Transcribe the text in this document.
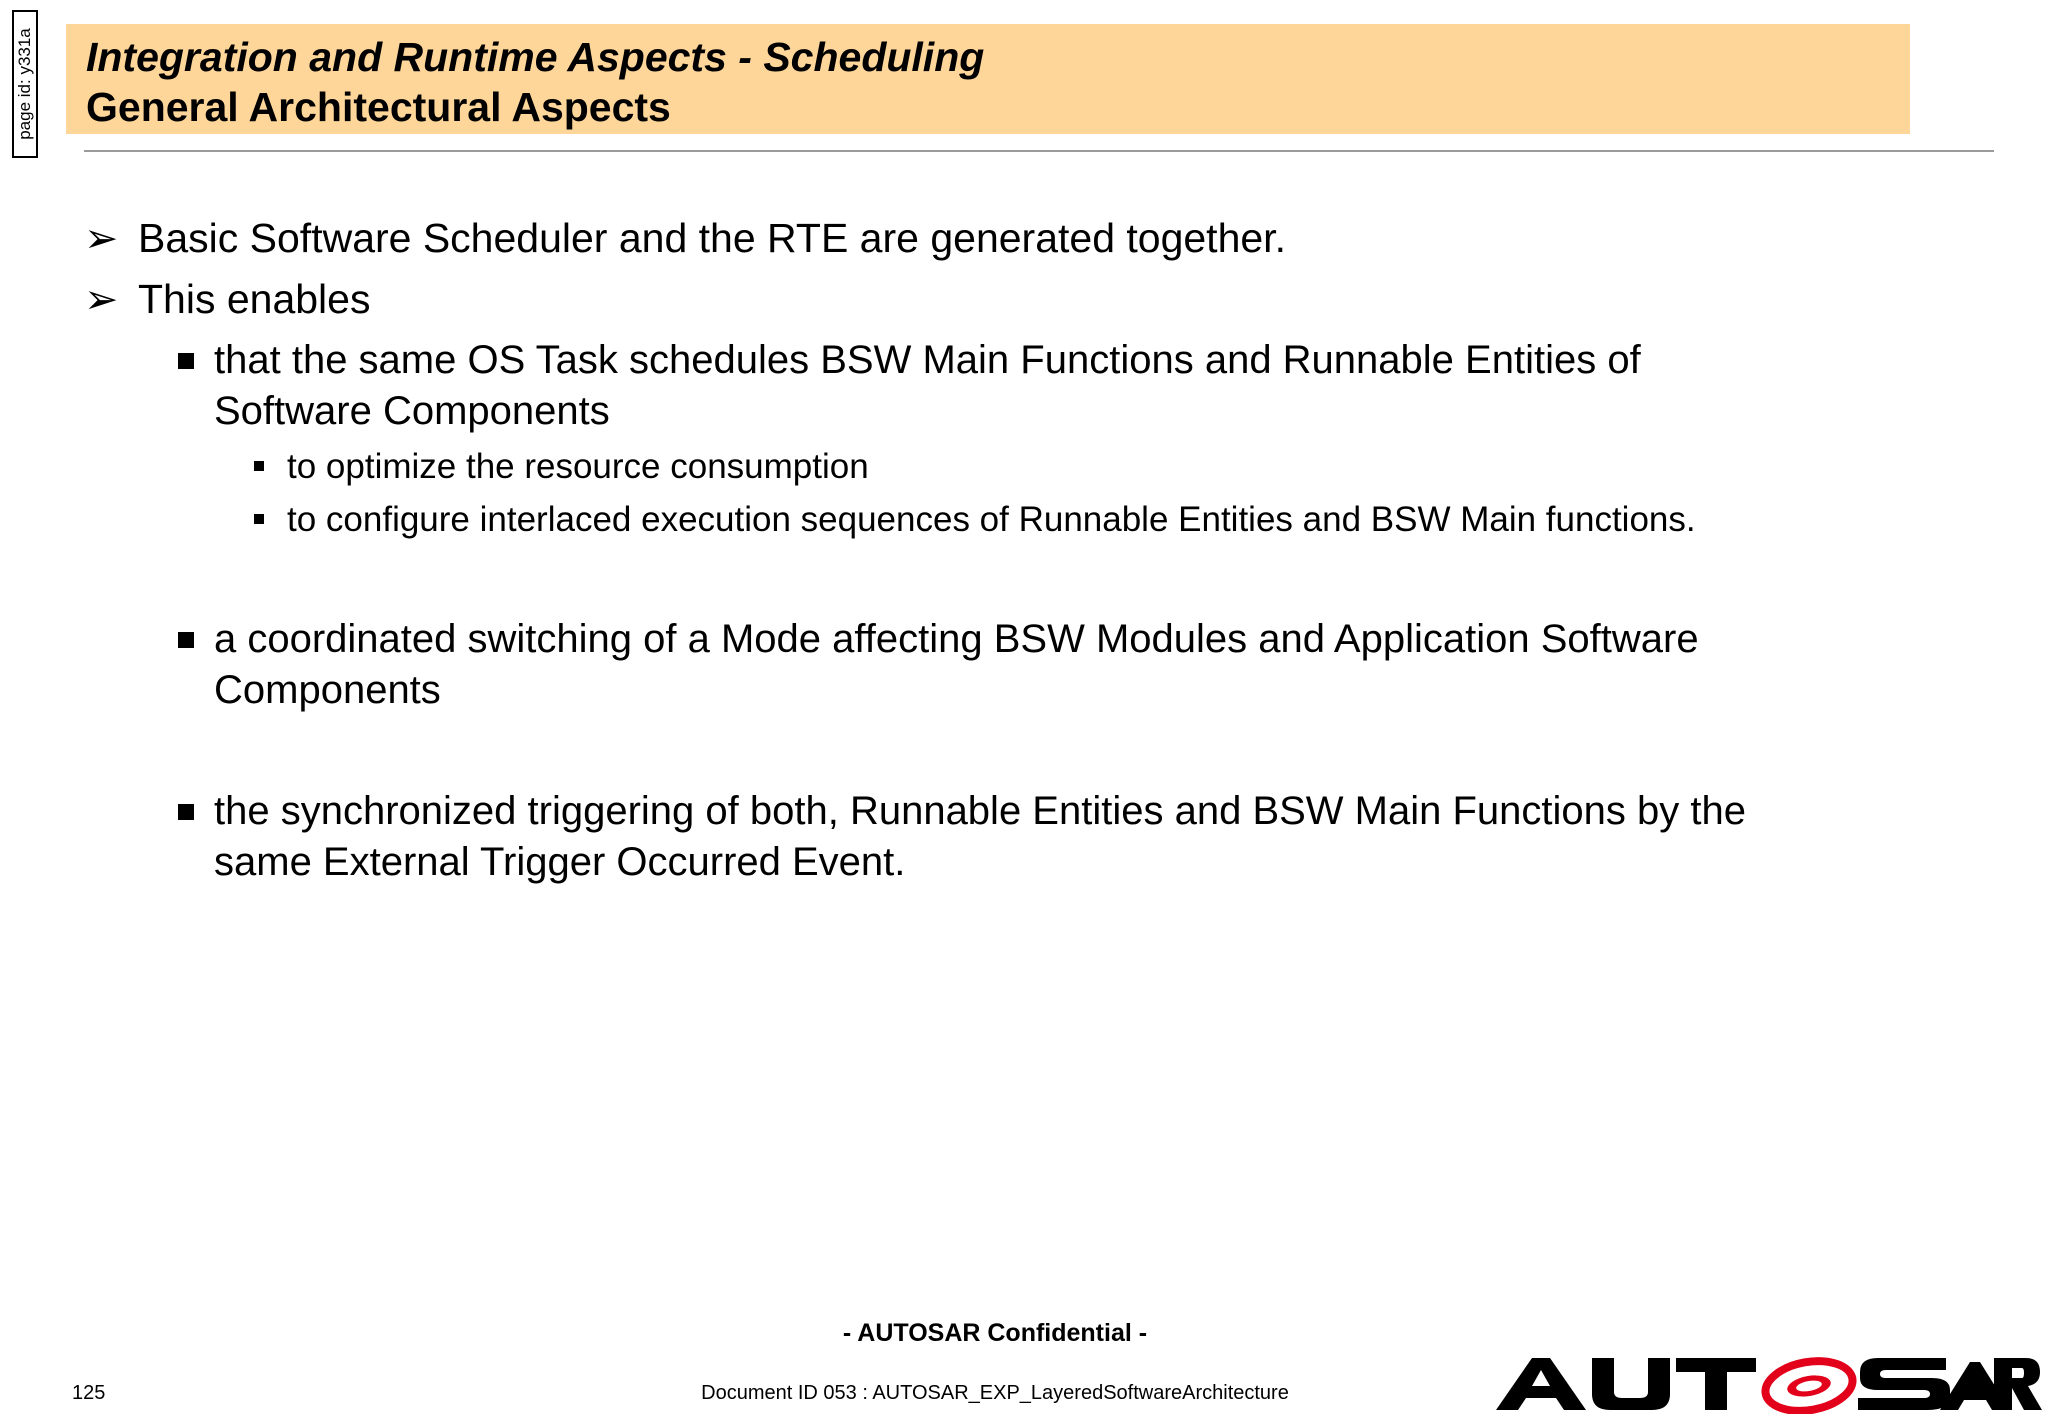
page id: y331a Integration and Runtime Aspects - Scheduling
General Architectural Aspects
➢ Basic Software Scheduler and the RTE are generated together.
➢ This enables
that the same OS Task schedules BSW Main Functions and Runnable Entities of
Software Components
to optimize the resource consumption
to configure interlaced execution sequences of Runnable Entities and BSW Main functions.
a coordinated switching of a Mode affecting BSW Modules and Application Software
Components
the synchronized triggering of both, Runnable Entities and BSW Main Functions by the
same External Trigger Occurred Event.
- AUTOSAR Confidential -
125	Document ID 053 : AUTOSAR_EXP_LayeredSoftwareArchitecture
